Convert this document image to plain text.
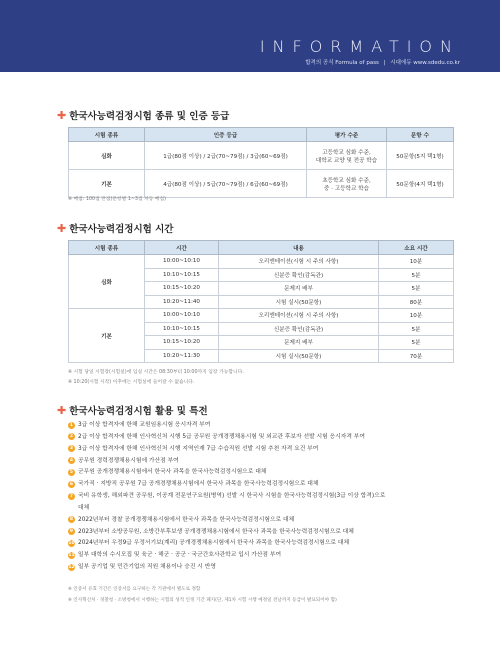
INFORMATION
합격의 공식 Formula of pass | 시대에듀 www.sdedu.co.kr
✚ 한국사능력검정시험 종류 및 인증 등급
시험 종류	인증 등급	평가 수준	문항 수
심화	1급(80점 이상) / 2급(70~79점) / 3급(60~69점)	고등학교 심화 수준,
대학교 교양 및 전공 학습	50문항(5지 택1형)
기본	4급(80점 이상) / 5급(70~79점) / 6급(60~69점)	초등학교 심화 수준,
중 · 고등학교 학습	50문항(4지 택1형)
※ 배점: 100점 만점(문항별 1~3점 차등 배점)
✚ 한국사능력검정시험 시간
시험 종류	시간	내용	소요 시간
심화	10:00~10:10	오리엔테이션(시험 시 주의 사항)	10분
	10:10~10:15	신분증 확인(감독관)	5분
	10:15~10:20	문제지 배부	5분
	10:20~11:40	시험 실시(50문항)	80분
기본	10:00~10:10	오리엔테이션(시험 시 주의 사항)	10분
	10:10~10:15	신분증 확인(감독관)	5분
	10:15~10:20	문제지 배부	5분
	10:20~11:30	시험 실시(50문항)	70분
※ 시험 당일 시험장(시험실)에 입실 시간은 08:30부터 10:00까지 입장 가능합니다.
※ 10:20(시험 시작) 이후에는 시험실에 들어갈 수 없습니다.
✚ 한국사능력검정시험 활용 및 특전
1 3급 이상 합격자에 한해 교원임용시험 응시자격 부여
2 2급 이상 합격자에 한해 인사혁신처 시행 5급 공무원 공개경쟁채용시험 및 외교관 후보자 선발 시험 응시자격 부여
3 3급 이상 합격자에 한해 인사혁신처 시행 지역인재 7급 수습직원 선발 시험 추천 자격 요건 부여
4 공무원 경력경쟁채용시험에 가산점 부여
5 군무원 공개경쟁채용시험에서 한국사 과목을 한국사능력검정시험으로 대체
6 국가직 · 지방직 공무원 7급 공개경쟁채용시험에서 한국사 과목을 한국사능력검정시험으로 대체
7 국비 유학생, 해외파견 공무원, 이공계 전문연구요원(병역) 선발 시 한국사 시험을 한국사능력검정시험(3급 이상 합격)으로
대체
8 2022년부터 경찰 공개경쟁채용시험에서 한국사 과목을 한국사능력검정시험으로 대체
9 2023년부터 소방공무원, 소방간부후보생 공개경쟁채용시험에서 한국사 과목을 한국사능력검정시험으로 대체
10 2024년부터 우정9급 우정서기보(계리) 공개경쟁채용시험에서 한국사 과목을 한국사능력검정시험으로 대체
11 일부 대학의 수시모집 및 육군 · 해군 · 공군 · 국군간호사관학교 입시 가산점 부여
12 일부 공기업 및 민간기업의 직원 채용이나 승진 시 반영
※ 인증서 유효 기간은 인증서를 요구하는 각 기관에서 별도로 정함
※ 인사혁신처 · 경찰청 · 소방청에서 시행하는 시험의 성적 인정 기간 폐지(단, 제1차 시험 시행 예정일 전날까지 등급이 발표되어야 함)
